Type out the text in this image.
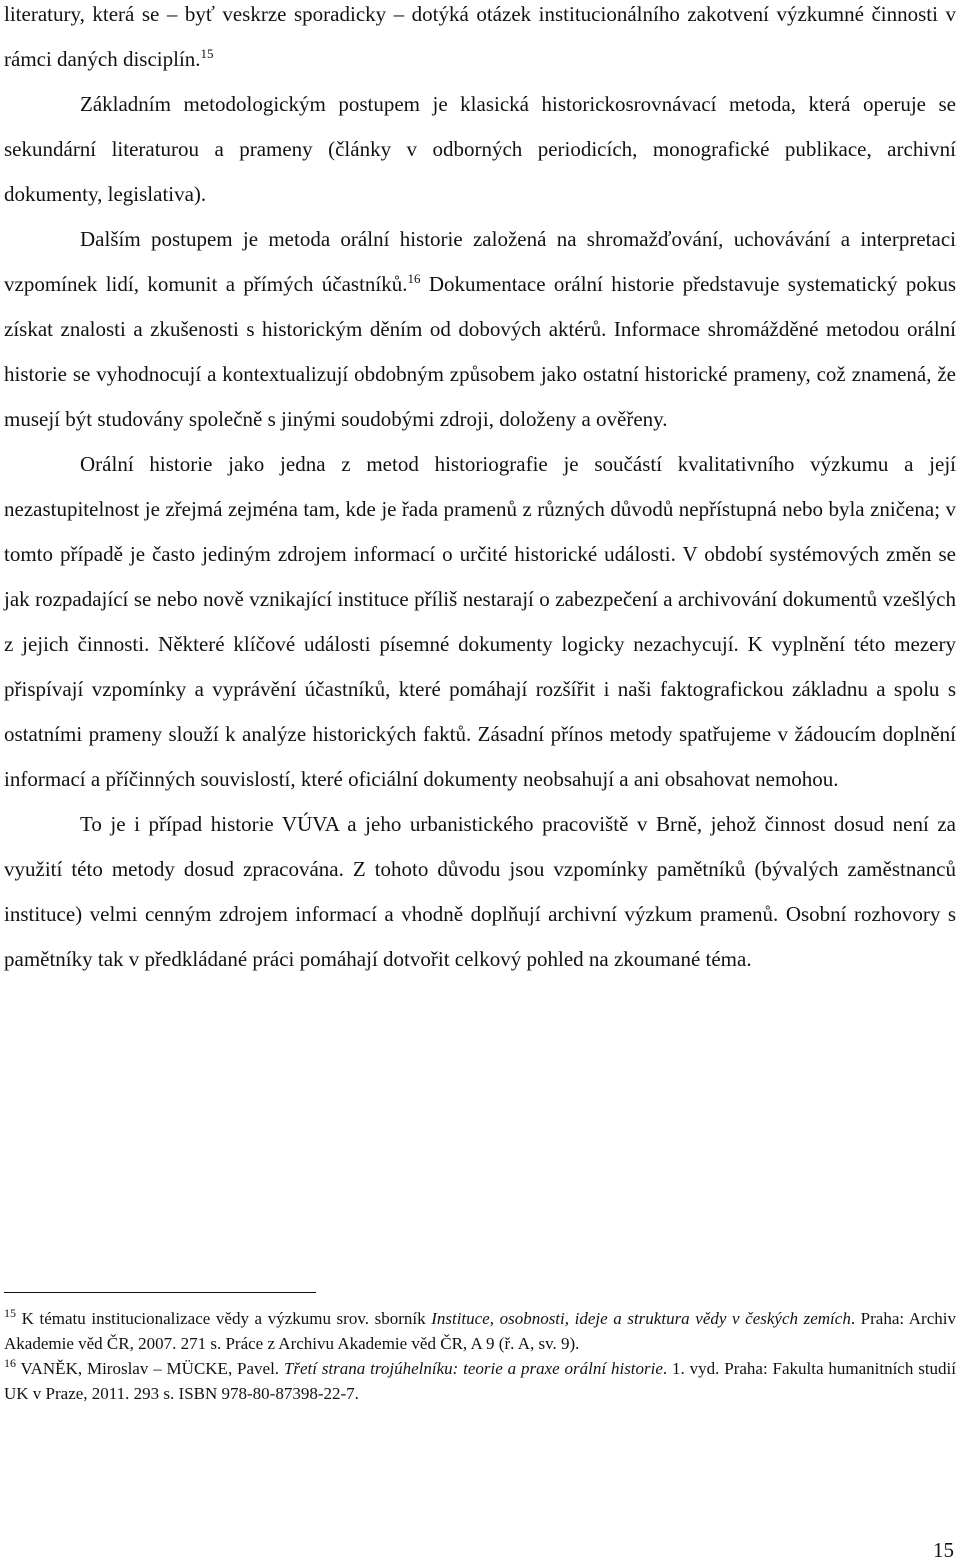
literatury, která se – byť veskrze sporadicky – dotýká otázek institucionálního zakotvení výzkumné činnosti v rámci daných disciplín.$^{15}$

Základním metodologickým postupem je klasická historickosrovnávací metoda, která operuje se sekundární literaturou a prameny (články v odborných periodicích, monografické publikace, archivní dokumenty, legislativa).

Dalším postupem je metoda orální historie založená na shromažďování, uchovávání a interpretaci vzpomínek lidí, komunit a přímých účastníků.$^{16}$ Dokumentace orální historie představuje systematický pokus získat znalosti a zkušenosti s historickým děním od dobových aktérů. Informace shromážděné metodou orální historie se vyhodnocují a kontextualizují obdobným způsobem jako ostatní historické prameny, což znamená, že musejí být studovány společně s jinými soudobými zdroji, doloženy a ověřeny.

Orální historie jako jedna z metod historiografie je součástí kvalitativního výzkumu a její nezastupitelnost je zřejmá zejména tam, kde je řada pramenů z různých důvodů nepřístupná nebo byla zničena; v tomto případě je často jediným zdrojem informací o určité historické události. V období systémových změn se jak rozpadající se nebo nově vznikající instituce příliš nestarají o zabezpečení a archivování dokumentů vzešlých z jejich činnosti. Některé klíčové události písemné dokumenty logicky nezachycují. K vyplnění této mezery přispívají vzpomínky a vyprávění účastníků, které pomáhají rozšířit i naši faktografickou základnu a spolu s ostatními prameny slouží k analýze historických faktů. Zásadní přínos metody spatřujeme v žádoucím doplnění informací a příčinných souvislostí, které oficiální dokumenty neobsahují a ani obsahovat nemohou.

To je i případ historie VÚVA a jeho urbanistického pracoviště v Brně, jehož činnost dosud není za využití této metody dosud zpracována. Z tohoto důvodu jsou vzpomínky pamětníků (bývalých zaměstnanců instituce) velmi cenným zdrojem informací a vhodně doplňují archivní výzkum pramenů. Osobní rozhovory s pamětníky tak v předkládané práci pomáhají dotvořit celkový pohled na zkoumané téma.

$^{15}$ K tématu institucionalizace vědy a výzkumu srov. sborník Instituce, osobnosti, ideje a struktura vědy v českých zemích. Praha: Archiv Akademie věd ČR, 2007. 271 s. Práce z Archivu Akademie věd ČR, A 9 (ř. A, sv. 9).

$^{16}$ VANĚK, Miroslav – MÜCKE, Pavel. Třetí strana trojúhelníku: teorie a praxe orální historie. 1. vyd. Praha: Fakulta humanitních studií UK v Praze, 2011. 293 s. ISBN 978-80-87398-22-7.

15
